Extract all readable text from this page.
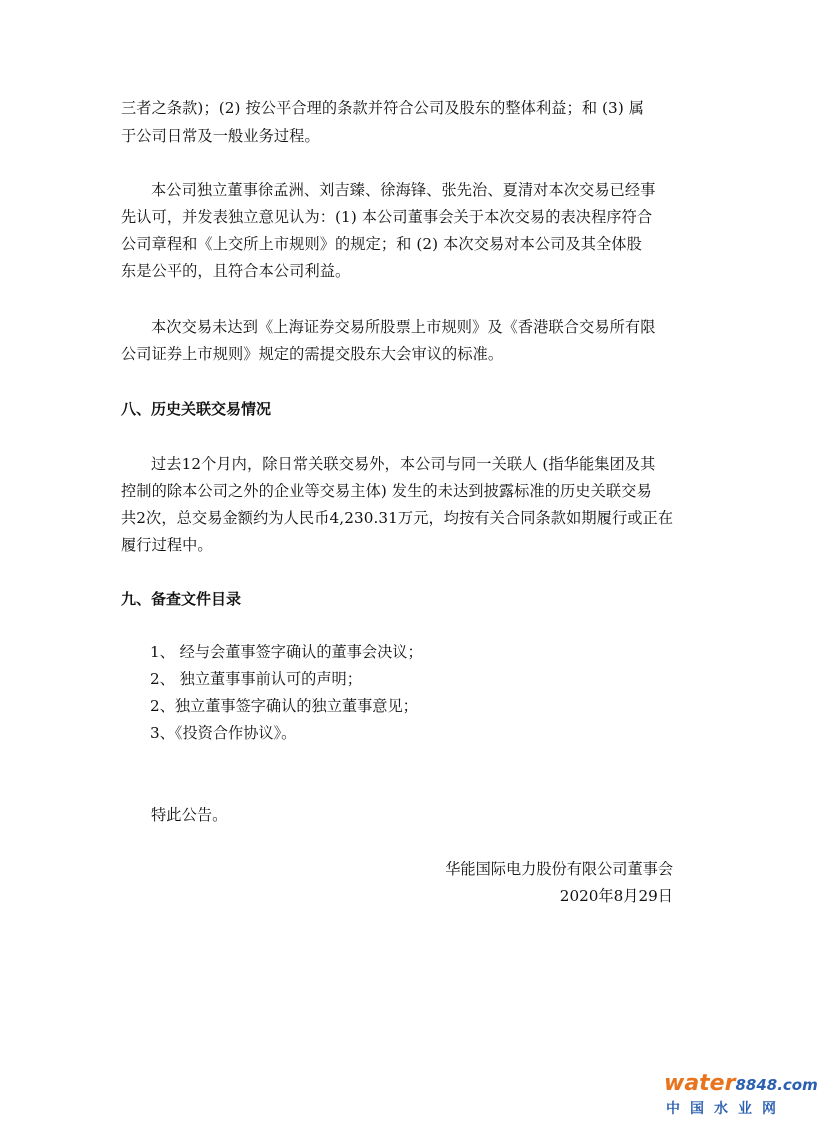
三者之条款)；(2) 按公平合理的条款并符合公司及股东的整体利益；和 (3) 属
于公司日常及一般业务过程。
本公司独立董事徐孟洲、刘吉臻、徐海锋、张先治、夏清对本次交易已经事
先认可，并发表独立意见认为：(1) 本公司董事会关于本次交易的表决程序符合
公司章程和《上交所上市规则》的规定；和 (2) 本次交易对本公司及其全体股
东是公平的，且符合本公司利益。
本次交易未达到《上海证券交易所股票上市规则》及《香港联合交易所有限
公司证券上市规则》规定的需提交股东大会审议的标准。
八、历史关联交易情况
过去12个月内，除日常关联交易外，本公司与同一关联人 (指华能集团及其
控制的除本公司之外的企业等交易主体) 发生的未达到披露标准的历史关联交易
共2次，总交易金额约为人民币4,230.31万元，均按有关合同条款如期履行或正在
履行过程中。
九、备查文件目录
1、 经与会董事签字确认的董事会决议；
2、 独立董事事前认可的声明；
2、独立董事签字确认的独立董事意见；
3、《投资合作协议》。
特此公告。
华能国际电力股份有限公司董事会
2020年8月29日
water8848.com
中国水业网
